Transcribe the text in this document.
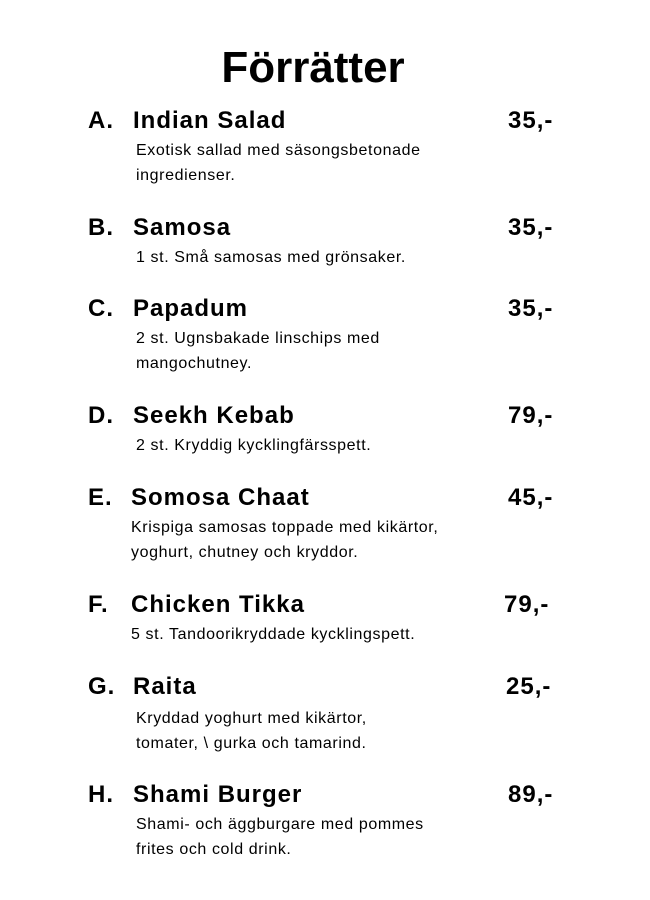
Förrätter
A. Indian Salad	35,-
Exotisk sallad med säsongsbetonade
ingredienser.
B. Samosa	35,-
1 st. Små samosas med grönsaker.
C. Papadum	35,-
2 st. Ugnsbakade linschips med
mangochutney.
D. Seekh Kebab	79,-
2 st. Kryddig kycklingfärsspett.
E. Somosa Chaat	45,-
Krispiga samosas toppade med kikärtor,
yoghurt, chutney och kryddor.
F. Chicken Tikka	79,-
5 st. Tandoorikryddade kycklingspett.
G. Raita	25,-
Kryddad yoghurt med kikärtor,
tomater, \ gurka och tamarind.
H. Shami Burger	89,-
Shami- och äggburgare med pommes
frites och cold drink.
